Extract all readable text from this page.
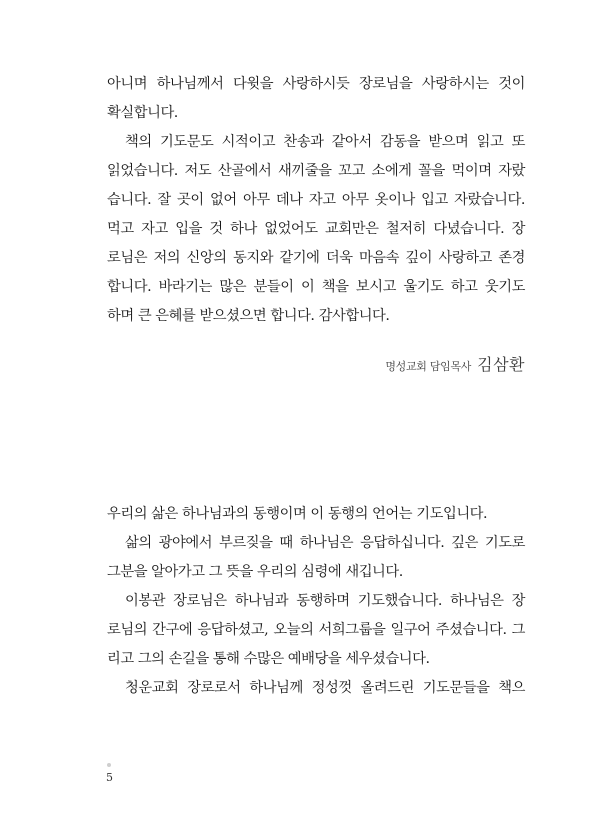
아니며 하나님께서 다윗을 사랑하시듯 장로님을 사랑하시는 것이
확실합니다.
책의 기도문도 시적이고 찬송과 같아서 감동을 받으며 읽고 또
읽었습니다. 저도 산골에서 새끼줄을 꼬고 소에게 꼴을 먹이며 자랐
습니다. 잘 곳이 없어 아무 데나 자고 아무 옷이나 입고 자랐습니다.
먹고 자고 입을 것 하나 없었어도 교회만은 철저히 다녔습니다. 장
로님은 저의 신앙의 동지와 같기에 더욱 마음속 깊이 사랑하고 존경
합니다. 바라기는 많은 분들이 이 책을 보시고 울기도 하고 웃기도
하며 큰 은혜를 받으셨으면 합니다. 감사합니다.
명성교회 담임목사 김삼환
우리의 삶은 하나님과의 동행이며 이 동행의 언어는 기도입니다.
삶의 광야에서 부르짖을 때 하나님은 응답하십니다. 깊은 기도로
그분을 알아가고 그 뜻을 우리의 심령에 새깁니다.
이봉관 장로님은 하나님과 동행하며 기도했습니다. 하나님은 장
로님의 간구에 응답하셨고, 오늘의 서희그룹을 일구어 주셨습니다. 그
리고 그의 손길을 통해 수많은 예배당을 세우셨습니다.
청운교회 장로로서 하나님께 정성껏 올려드린 기도문들을 책으
5
